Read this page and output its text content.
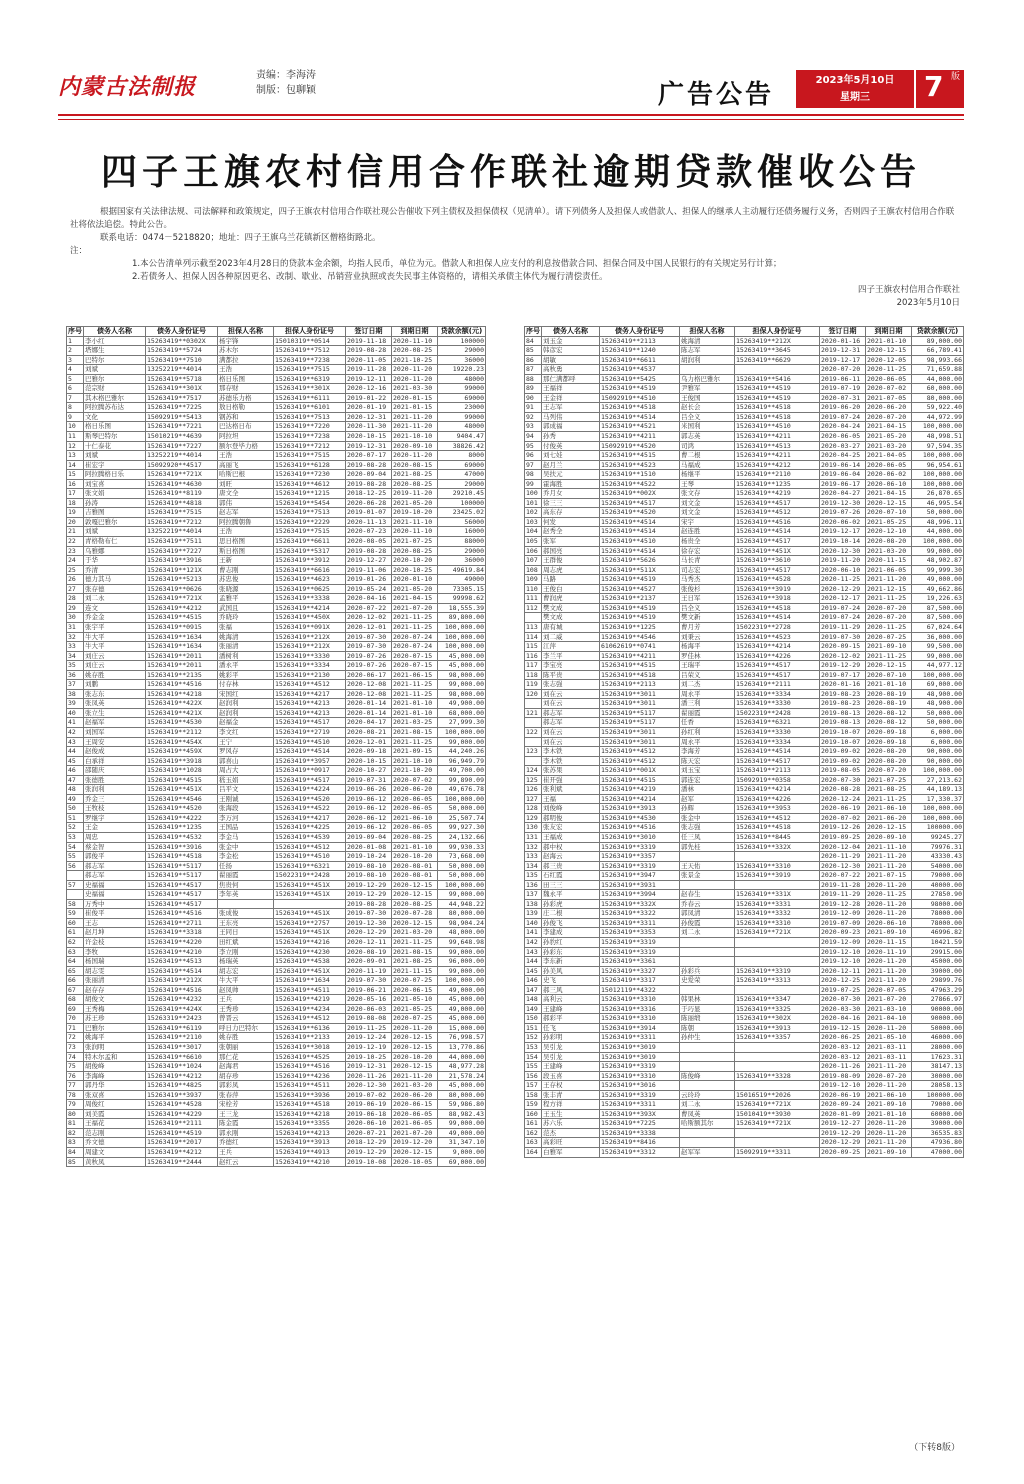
内蒙古法制报	责编：李海涛
制版：包聊颖	广告公告	2023年5月10日
星期三	7 版
四子王旗农村信用合作联社逾期贷款催收公告

根据国家有关法律法规、司法解释和政策规定，四子王旗农村信用合作联社现公告催收下列主债权及担保债权（见清单）。请下列债务人及担保人或借款人、担保人的继承人主动履行还债务履行义务，否则四子王旗农村信用合作联社将依法追偿。特此公告。

联系电话：0474－5218820；地址：四子王旗乌兰花镇新区僧格街路北。

注：

1.本公告清单列示截至2023年4月28日的贷款本金余额，均指人民币，单位为元。借款人和担保人应支付的利息按借款合同、担保合同及中国人民银行的有关规定另行计算；

2.若债务人、担保人因各种原因更名、改制、歇业、吊销营业执照或丧失民事主体资格的，请相关承债主体代为履行清偿责任。

四子王旗农村信用合作联社
2023年5月10日
序号	债务人名称	债务人身份证号	担保人名称	担保人身份证号	签订日期	到期日期	贷款余额(元)
1	李小红	15263419**0302X	杨宇锋	15010319**0514	2019-11-18	2020-11-10	100000
2	塔娜生	15263419**5724	苏木尔	15263419**7512	2019-08-28	2020-08-25	29000
3	巴特尔	15263419**7510	满都拉	15263419**7238	2020-11-05	2021-10-25	36000
4	刘斌	13252219**4014	王浩	15263419**7515	2019-11-28	2020-11-20	19220.23
5	巴雅尔	15263419**5718	格日乐图	15263419**6319	2019-12-11	2020-11-20	48000
6	范宗财	15263419**301X	那存财	15263419**301X	2020-12-16	2021-03-30	99000
7	其木格巴雅尔	15263419**7517	苏德乐力格	15263419**6111	2019-01-22	2020-01-15	69000
8	阿拉腾苏布达	15263419**7225	敖日格勒	15263419**6101	2020-01-19	2021-01-15	23000
9	文化	15092919**5413	钢苏和	15263419**7513	2020-12-31	2021-11-20	99000
10	格日乐图	15263419**7221	巴达格日布	15263419**7220	2020-11-30	2021-11-20	48000
11	斯琴巴特尔	15010219**4639	阿拉坦	15263419**7238	2020-10-15	2021-10-10	9404.47
12	十仁泰花	15263419**7227	额尔登毕力格	15263419**7212	2019-12-31	2020-09-10	38826.42
13	刘斌	13252219**4014	王浩	15263419**7515	2020-07-17	2020-11-20	8000
14	崔宏宇	15092920**4517	高丽飞	15263419**6128	2019-08-28	2020-08-15	69000
15	阿拉腾格日乐	15263419**721X	哈斯巴根	15263419**7230	2020-09-04	2021-08-25	47000
16	刘宝喜	15263419**4630	刘旺	15263419**4612	2019-08-28	2020-08-25	29000
17	张文娟	15263419**8119	唐文全	15263419**1215	2018-12-25	2019-11-20	29210.45
18	孙涛	15263419**4818	郭伟	15263419**5454	2020-06-28	2021-05-20	100000
19	吉雅图	15263419**7515	赵志军	15263419**7513	2019-01-07	2019-10-20	23425.02
20	敦嘎巴雅尔	15263419**7212	阿拉腾朝鲁	15263419**2229	2020-11-13	2021-11-10	56000
21	刘斌	13252219**4014	王浩	15263419**7515	2020-07-23	2020-11-10	16000
22	青格勒布仁	15263419**7511	思日格图	15263419**6611	2020-08-05	2021-07-25	88000
23	乌雅娜	15263419**7227	斯日格图	15263419**5317	2019-08-28	2020-08-25	29000
24	于华	15263419**3916	王新	15263419**3912	2019-12-27	2020-10-20	36000
25	乔清	15263419**121X	曹志刚	15263419**6616	2019-11-06	2020-10-25	49619.84
26	德力其马	15263419**5213	苏忠俊	15263419**4623	2019-01-26	2020-01-10	49000
27	张存德	15263419**0626	张晓源	15263419**0625	2019-05-24	2021-05-20	73305.15
28	刘二永	15263419**721X	孟雅平	15263419**3338	2020-04-16	2021-04-15	99998.62
29	连文	15263419**4212	武国且	15263419**4214	2020-07-22	2021-07-20	18,555.39
30	乔金金	15263419**4515	乔晓玲	15263419**450X	2020-12-02	2021-11-25	89,800.00
31	张宇平	15263419**0915	张福	15263419**091X	2020-12-01	2021-11-25	100,000.00
32	牛大平	15263419**1634	姚海清	15263419**212X	2019-07-30	2020-07-24	100,000.00
33	牛大平	15263419**1634	张丽清	15263419**212X	2019-07-30	2020-07-24	100,000.00
34	刘庄云	15263419**2011	潘树利	15263419**3330	2019-07-26	2020-07-15	45,000.00
35	刘庄云	15263419**2011	潘永平	15263419**3334	2019-07-26	2020-07-15	45,000.00
36	姚存胜	15263419**2135	姚彩平	15263419**2130	2020-06-17	2021-06-15	98,000.00
37	刘鹏	15263419**4516	付存林	15263419**4512	2020-12-08	2021-11-25	99,000.00
38	张志东	15263419**4218	宋国红	15263419**4217	2020-12-08	2021-11-25	98,000.00
39	张凤英	15263419**422X	赵润利	15263419**4213	2020-01-14	2021-01-10	49,900.00
40	张立生	15263419**421X	赵润利	15263419**4213	2020-01-14	2021-01-10	68,000.00
41	赵福军	15263419**4530	赵福金	15263419**4517	2020-04-17	2021-03-25	27,999.30
42	刘国军	15263419**2112	李文红	15263419**2719	2020-08-21	2021-08-15	100,000.00
43	王周安	15263419**454X	王宁	15263419**4510	2020-12-01	2021-11-25	99,000.00
44	赵俊成	15263419**459X	罗风存	15263419**4514	2020-09-18	2021-09-15	44,240.26
45	白承祥	15263419**3918	郭喜山	15263419**3957	2020-10-15	2021-10-10	96,949.79
46	邵随庆	15263419**1028	周占大	15263419**0917	2020-10-27	2021-10-20	49,700.00
47	张德胜	15263419**4515	嵇玉娟	15263419**4517	2019-07-31	2020-07-02	99,890.09
48	张润利	15263419**451X	吕平文	15263419**4224	2019-06-26	2020-06-20	49,676.78
49	乔金三	15263419**4546	王刚诚	15263419**4520	2019-06-12	2020-06-05	100,000.00
50	王牧枝	15263419**4520	张海段	15263419**4522	2019-06-12	2020-06-05	50,000.00
51	罗继宇	15263419**4222	李万河	15263419**4217	2020-06-12	2021-06-10	25,507.74
52	王金	15263419**1235	王国品	15263419**4225	2019-06-12	2020-06-05	99,927.30
53	周忠	15263419**4532	李金马	15263419**4539	2019-09-04	2020-08-25	24,132.66
54	蔡金智	15263419**3916	张金中	15263419**4512	2020-01-08	2021-01-10	99,930.33
55	郭俊平	15263419**4518	李金松	15263419**4510	2019-10-24	2020-10-20	73,668.00
56	郝志军	15263419**5117	任扬	15263419**6321	2019-08-10	2020-08-01	50,000.00
	郝志军	15263419**5117	翟丽霞	15022319**2428	2019-08-10	2020-08-01	50,000.00
57	史福福	15263419**4517	焦贵何	15263419**451X	2019-12-29	2020-12-15	100,000.00
	史福福	15263419**4517	李年英	15263419**451X	2019-12-29	2020-12-15	99,000.00
58	万秀中	15263419**4517			2019-08-28	2020-08-25	44,948.22
59	崔俊平	15263419**4516	张成俊	15263419**451X	2019-07-30	2020-07-28	80,000.00
60	王志	15263419**2711	王东亮	15263419**2757	2019-12-30	2020-12-15	98,904.24
61	赵月坤	15263419**3318	王同日	15263419**451X	2020-12-29	2021-03-20	48,000.00
62	许金枝	15263419**4220	田红斌	15263419**4216	2020-12-11	2021-11-25	99,648.98
63	李牧	15263419**4210	李立刚	15263419**4230	2020-08-19	2021-08-15	99,000.00
64	杨国瑞	15263419**4513	杨瑞英	15263419**4538	2020-09-01	2021-08-25	96,000.00
65	胡志雯	15263419**4514	胡志宏	15263419**451X	2020-11-19	2021-11-15	99,000.00
66	张丽清	15263419**212X	牛大平	15263419**1634	2019-07-30	2020-07-25	100,000.00
67	赵存存	15263419**4516	赵凤帅	15263419**4511	2019-06-21	2020-06-15	49,000.00
68	胡俊文	15263419**4232	王兵	15263419**4219	2020-05-16	2021-05-10	45,000.00
69	王秀梅	15263419**424X	王秀珍	15263419**4234	2020-06-03	2021-05-25	49,000.00
70	苏王珍	15263319**2423	曾晋云	15263419**4512	2019-08-08	2020-07-25	45,000.00
71	巴雅尔	15263419**6119	呼日力巴特尔	15263419**6136	2019-11-25	2020-11-20	15,000.00
72	姚海平	15263419**2110	姚存胜	15263419**2133	2019-12-24	2020-12-15	76,998.57
73	张润明	15263419**3017	张朝丽	15263419**3018	2019-12-19	2020-12-15	13,770.86
74	特木尔孟和	15263419**6610	那仁花	15263419**4525	2019-10-25	2020-10-20	44,000.00
75	胡俊峰	15263419**1024	赵海君	15263419**4516	2019-12-31	2020-12-15	48,977.28
76	李海峰	15263419**4212	胡存珍	15263419**4236	2020-11-26	2021-11-20	21,578.24
77	郭丹华	15263419**4825	郭彩凤	15263419**4511	2020-12-30	2021-03-20	45,000.00
78	张双喜	15263419**3937	张春萍	15263419**3936	2019-07-02	2020-06-20	80,000.00
79	周俊红	15263419**4528	宋栓芳	15263419**4518	2019-06-19	2020-06-15	59,986.80
80	刘美霞	15263419**4229	王三龙	15263419**4218	2019-06-18	2020-06-05	88,982.43
81	王福花	15263419**2111	陈金霞	15263419**3355	2020-06-10	2021-06-05	99,000.00
82	范志刚	15263419**4519	郭永刚	15263419**4213	2020-07-21	2021-07-20	49,000.00
83	乔文德	15263419**2017	乔德红	15263419**3913	2018-12-29	2019-12-20	31,347.10
84	周建文	15263419**4212	王兵	15263419**4913	2019-12-29	2020-12-15	9,000.00
85	黄秋凤	15263419**2444	赵红云	15263419**4210	2019-10-08	2020-10-05	69,000.00
序号	债务人名称	债务人身份证号	担保人名称	担保人身份证号	签订日期	到期日期	贷款余额(元)
84	刘玉金	15263419**2113	姚海清	15263419**212X	2020-01-16	2021-01-10	89,000.00
85	韩彦宏	15263419**1240	陈志军	15263419**3645	2019-12-31	2020-12-15	66,789.41
86	胡敏	15263419**6611	胡润利	15263419**6629	2019-12-17	2020-12-05	98,993.66
87	高秋勇	15263419**4537			2020-07-20	2020-11-25	71,659.88
88	那仁满都呼	15263419**5425	乌力格巴雅尔	15263419**5416	2019-06-11	2020-06-05	44,000.00
89	王福祥	15263419**4519	尹雅军	15263419**4519	2019-07-19	2020-07-02	60,000.00
90	王金祥	15092919**4510	王俊国	15263419**4519	2020-07-31	2021-07-05	80,000.00
91	王志军	15263419**4518	赵长会	15263419**4518	2019-06-20	2020-06-20	59,922.40
92	马列伟	15263419**4514	吕全义	15263419**4518	2019-07-24	2020-07-20	44,972.99
93	郭成福	15263419**4521	米国利	15263419**4510	2020-04-24	2021-04-15	100,000.00
94	孙秀	15263419**4211	郭志英	15263419**4211	2020-06-05	2021-05-20	48,998.51
95	付俊英	15092919**4520	司鸿	15263419**4513	2020-03-27	2021-03-20	97,594.35
96	刘七娃	15263419**4515	曹二根	15263419**4211	2020-04-25	2021-04-05	100,000.00
97	赵月兰	15263419**4523	马福成	15263419**4212	2019-06-14	2020-06-05	96,954.61
98	吴扶元	15263419**1510	杨继平	15263419**2110	2019-06-04	2020-06-02	100,000.00
99	霍海胜	15263419**4522	王琴	15263419**1235	2019-06-17	2020-06-10	100,000.00
100	乔月女	15263419**002X	张文存	15263419**4219	2020-04-27	2021-04-15	26,870.65
101	徐三三	15263419**4517	刘文金	15263419**4517	2019-12-30	2020-12-15	46,995.54
102	高东存	15263419**4520	刘文金	15263419**4512	2019-07-26	2020-07-10	50,000.00
103	何发	15263419**4514	宋宇	15263419**4516	2020-06-02	2021-05-25	48,996.11
104	赵秀全	15263419**4514	赵连胜	15263419**4514	2019-12-17	2020-12-10	44,000.00
105	张军	15263419**4510	杨贵全	15263419**4517	2019-10-14	2020-08-20	100,000.00
106	郝国亮	15263419**4514	徐存宏	15263419**451X	2020-12-30	2021-03-20	99,000.00
107	王群俊	15263419**5626	马长青	15263419**3610	2019-11-20	2020-11-15	48,902.87
108	周志虎	15263419**511X	司志宏	15263419**4517	2020-06-10	2021-06-05	99,999.30
109	马路	15263419**4519	马秀杰	15263419**4528	2020-11-25	2021-11-20	49,000.00
110	王俊白	15263419**4527	张俊杉	15263419**3919	2020-12-29	2021-12-15	49,662.86
111	曹润虎	15263419**2137	王日军	15263419**3918	2020-12-17	2021-11-25	19,226.63
112	樊文成	15263419**4519	吕全义	15263419**4518	2019-07-24	2020-07-20	87,500.00
	樊文成	15263419**4519	樊文新	15263419**4514	2019-07-24	2020-07-20	87,500.00
113	唐有城	15263419**1225	曹月芳	15022319**2728	2019-11-29	2020-11-25	67,024.64
114	刘二威	15263419**4546	刘秉云	15263419**4523	2019-07-30	2020-07-25	36,000.00
115	江萍	61062619**0741	杨海平	15263419**4214	2020-09-15	2021-09-10	99,500.00
116	李兰平	15263419**4211	罗佳林	15263419**4226	2020-12-02	2021-11-25	99,000.00
117	李宝亮	15263419**4515	王瑞平	15263419**4517	2019-12-29	2020-12-15	44,977.12
118	陈平贵	15263419**4518	吕荣义	15263419**4517	2019-07-17	2020-07-10	100,000.00
119	张志强	15263419**2113	刘二杰	15263419**2111	2020-01-16	2021-01-10	69,000.00
120	刘在云	15263419**3011	周永平	15263419**3334	2019-08-23	2020-08-19	48,900.00
	刘在云	15263419**3011	潘三利	15263419**3330	2019-08-23	2020-08-19	48,900.00
121	郝志军	15263419**5117	翟丽霞	15022319**2428	2019-08-13	2020-08-12	50,000.00
	郝志军	15263419**5117	任香	15263419**6321	2019-08-13	2020-08-12	50,000.00
122	刘在云	15263419**3011	孙红利	15263419**3330	2019-10-07	2020-09-18	6,000.00
	刘在云	15263419**3011	周永平	15263419**3334	2019-10-07	2020-09-18	6,000.00
123	李木铁	15263419**4512	李海芳	15263419**4514	2019-09-02	2020-08-20	90,000.00
	李木铁	15263419**4512	陈天宏	15263419**4517	2019-09-02	2020-08-20	90,000.00
124	张苏果	15263419**001X	刘玉宝	15263419**2113	2019-08-05	2020-07-20	100,000.00
125	崔开强	15263419**4515	郭连宏	15092919**0358	2020-07-30	2021-07-25	27,213.62
126	张利斌	15263419**4219	潘林	15263419**4214	2020-08-28	2021-08-25	44,189.13
127	王福	15263419**4214	赵军	15263419**4226	2020-12-24	2021-11-25	17,330.37
128	刘俊峰	15263419**3913	孙辉	15263419**3953	2020-06-19	2021-06-10	100,000.00
129	郝明俊	15263419**4530	张金中	15263419**4512	2020-07-02	2021-06-20	100,000.00
130	张友宏	15263419**4516	张志强	15263419**4518	2019-12-26	2020-12-15	100000.00
131	王福成	15263419**3010	任三凤	15263419**8445	2019-09-25	2020-09-10	99245.27
132	郝中权	15263419**3319	郭先桂	15263419**332X	2020-12-04	2021-11-10	79976.31
133	赵海云	15263419**3357			2020-11-29	2021-11-20	43330.43
134	郝三贵	15263419**3319	王天佑	15263419**3310	2020-12-30	2021-11-20	54000.00
135	石红霞	15263419**3947	张景金	15263419**3919	2020-07-22	2021-07-15	79000.00
136	田三三	15263419**3931			2019-11-28	2020-11-20	40000.00
137	魏永平	15263419**3994	赵春生	15263419**331X	2019-11-29	2020-11-25	27850.90
138	孙彩虎	15263419**332X	乔春云	15263419**3331	2019-12-28	2020-11-20	98000.00
139	庄二根	15263419**3322	郭凤清	15263419**3332	2019-12-09	2020-11-20	78000.00
140	孙俊飞	15263419**3311	孙俊霞	15263419**3310	2019-07-09	2020-06-10	78000.00
141	李建成	15263419**3353	刘二永	15263419**721X	2020-09-23	2021-09-10	46996.82
142	孙豹红	15263419**3319			2019-12-09	2020-11-15	10421.59
143	孙彩东	15263419**3319			2019-12-10	2020-11-19	29915.00
144	李东新	15263419**3361			2019-12-10	2020-11-20	45000.00
145	孙美风	15263419**3327	孙彩兵	15263419**3319	2020-12-11	2021-11-20	39000.00
146	史飞	15263419**3317	史爱荣	15263419**3313	2020-12-25	2021-11-20	29899.76
147	郝三风	15012119**4322			2019-07-25	2020-07-05	47963.29
148	高利云	15263419**3310	韩果林	15263419**3347	2020-07-30	2021-07-20	27866.97
149	王建峰	15263419**3316	于巧显	15263419**3325	2020-03-30	2021-03-10	90000.00
150	郝彩平	15263419**3310	陈丽缎	15263419**302X	2020-04-16	2021-04-10	90000.00
151	任飞	15263419**3914	陈朝	15263419**3913	2019-12-15	2020-11-20	50000.00
152	孙彩明	15263419**3311	孙仲生	15263419**3357	2020-06-25	2021-05-10	46000.00
153	吴引龙	15263419**3019			2020-03-12	2021-03-11	28000.00
154	吴引龙	15263419**3019			2020-03-12	2021-03-11	17623.31
155	王建峰	15263419**3319			2020-11-26	2021-11-20	38147.13
156	段玉喜	15263419**3310	陈俊峰	15263419**3328	2019-08-09	2020-07-20	30000.00
157	王存权	15263419**3016			2019-12-10	2020-11-20	28058.13
158	张丰青	15263419**3319	云玲玲	15016519**2026	2020-06-19	2021-06-10	100000.00
159	程方祥	15263419**3311	刘二永	15263419**721X	2020-09-24	2021-09-10	79000.00
160	王玉生	15263419**393X	曹凤英	15010419**3930	2020-01-09	2021-01-10	60000.00
161	苏六乐	15263419**7225	哈斯额其尔	15263419**721X	2019-12-27	2020-11-20	39000.00
162	范杰	15263419**3338			2019-12-29	2020-11-20	36535.83
163	高彩旺	15263419**8416			2020-12-29	2021-11-20	47936.80
164	白雅军	15263419**3312	赵军军	15092919**3311	2020-09-25	2021-09-10	47000.00
（下转8版）
